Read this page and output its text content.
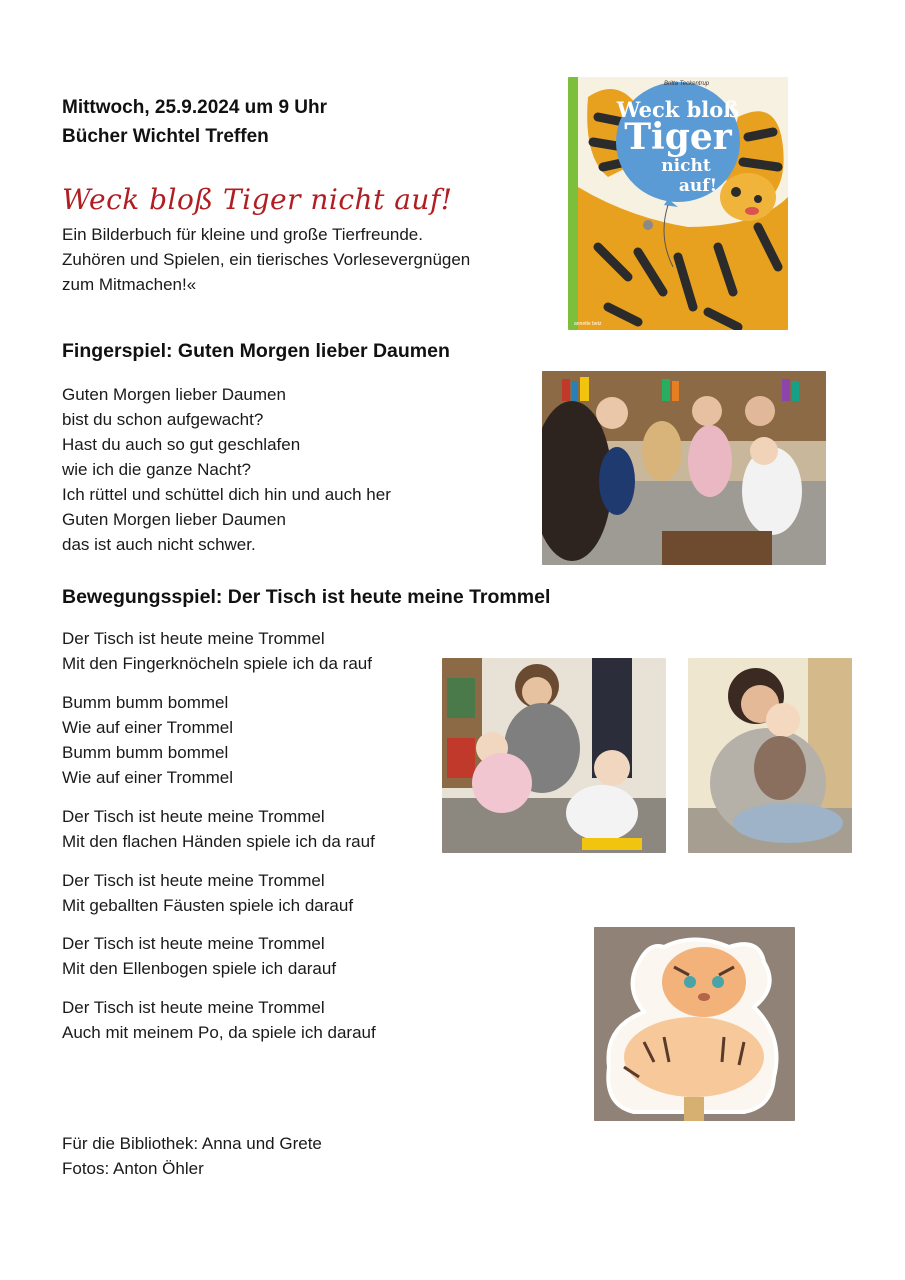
Mittwoch, 25.9.2024 um 9 Uhr
Bücher Wichtel Treffen
Weck bloß Tiger nicht auf!
Ein Bilderbuch für kleine und große Tierfreunde.
Zuhören und Spielen, ein tierisches Vorlesevergnügen
zum Mitmachen!«
Britta Teckentrup
Weck bloß
Tiger
nicht
auf!
annette betz
Fingerspiel: Guten Morgen lieber Daumen
Guten Morgen lieber Daumen
bist du schon aufgewacht?
Hast du auch so gut geschlafen
wie ich die ganze Nacht?
Ich rüttel und schüttel dich hin und auch her
Guten Morgen lieber Daumen
das ist auch nicht schwer.
Bewegungsspiel: Der Tisch ist heute meine Trommel
Der Tisch ist heute meine Trommel
Mit den Fingerknöcheln spiele ich da rauf
Bumm bumm bommel
Wie auf einer Trommel
Bumm bumm bommel
Wie auf einer Trommel
Der Tisch ist heute meine Trommel
Mit den flachen Händen spiele ich da rauf
Der Tisch ist heute meine Trommel
Mit geballten Fäusten spiele ich darauf
Der Tisch ist heute meine Trommel
Mit den Ellenbogen spiele ich darauf
Der Tisch ist heute meine Trommel
Auch mit meinem Po, da spiele ich darauf
Für die Bibliothek: Anna und Grete
Fotos: Anton Öhler
